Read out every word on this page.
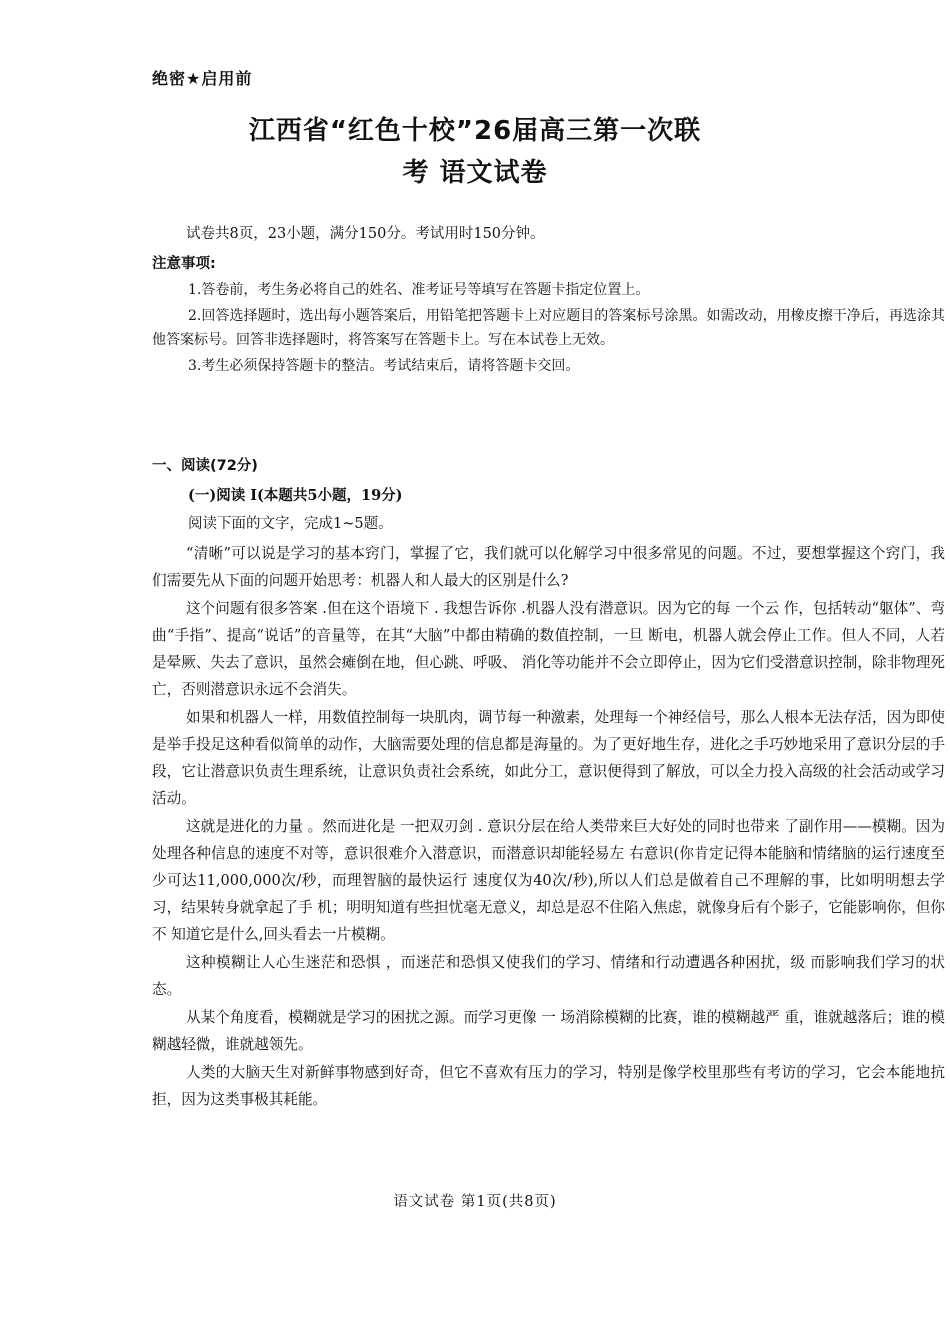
绝密★启用前
江西省“红色十校”26届高三第一次联
考 语文试卷
试卷共8页，23小题，满分150分。考试用时150分钟。
注意事项:

1.答卷前，考生务必将自己的姓名、准考证号等填写在答题卡指定位置上。

2.回答选择题时，选出每小题答案后，用铅笔把答题卡上对应题目的答案标号涂黑。如需改动，用橡皮擦干净后，再选涂其他答案标号。回答非选择题时，将答案写在答题卡上。写在本试卷上无效。

3.考生必须保持答题卡的整洁。考试结束后，请将答题卡交回。

一、阅读(72分)
(一)阅读 Ⅰ(本题共5小题，19分)
阅读下面的文字，完成1~5题。

“清晰”可以说是学习的基本窍门，掌握了它，我们就可以化解学习中很多常见的问题。不过，要想掌握这个窍门，我们需要先从下面的问题开始思考：机器人和人最大的区别是什么?

这个问题有很多答案 .但在这个语境下 . 我想告诉你 .机器人没有潜意识。因为它的每 一个云 作，包括转动“躯体”、弯曲“手指”、提高“说话”的音量等，在其“大脑”中都由精确的数值控制，一旦 断电，机器人就会停止工作。但人不同，人若是晕厥、失去了意识，虽然会瘫倒在地，但心跳、呼吸、 消化等功能并不会立即停止，因为它们受潜意识控制，除非物理死亡，否则潜意识永远不会消失。

如果和机器人一样，用数值控制每一块肌肉，调节每一种激素，处理每一个神经信号，那么人根本无法存活，因为即使是举手投足这种看似简单的动作，大脑需要处理的信息都是海量的。为了更好地生存，进化之手巧妙地采用了意识分层的手段，它让潜意识负责生理系统，让意识负责社会系统，如此分工，意识便得到了解放，可以全力投入高级的社会活动或学习活动。

这就是进化的力量 。然而进化是 一把双刃剑 . 意识分层在给人类带来巨大好处的同时也带来 了副作用——模糊。因为处理各种信息的速度不对等，意识很难介入潜意识，而潜意识却能轻易左 右意识(你肯定记得本能脑和情绪脑的运行速度至少可达11,000,000次/秒，而理智脑的最快运行 速度仅为40次/秒),所以人们总是做着自己不理解的事，比如明明想去学习，结果转身就拿起了手 机；明明知道有些担忧毫无意义，却总是忍不住陷入焦虑，就像身后有个影子，它能影响你，但你不 知道它是什么,回头看去一片模糊。

这种模糊让人心生迷茫和恐惧 ，而迷茫和恐惧又使我们的学习、情绪和行动遭遇各种困扰，级 而影响我们学习的状态。

从某个角度看，模糊就是学习的困扰之源。而学习更像 一 场消除模糊的比赛，谁的模糊越严 重，谁就越落后；谁的模糊越轻微，谁就越领先。

人类的大脑天生对新鲜事物感到好奇，但它不喜欢有压力的学习，特别是像学校里那些有考访的学习，它会本能地抗拒，因为这类事极其耗能。

语文试卷 第1页(共8页)
